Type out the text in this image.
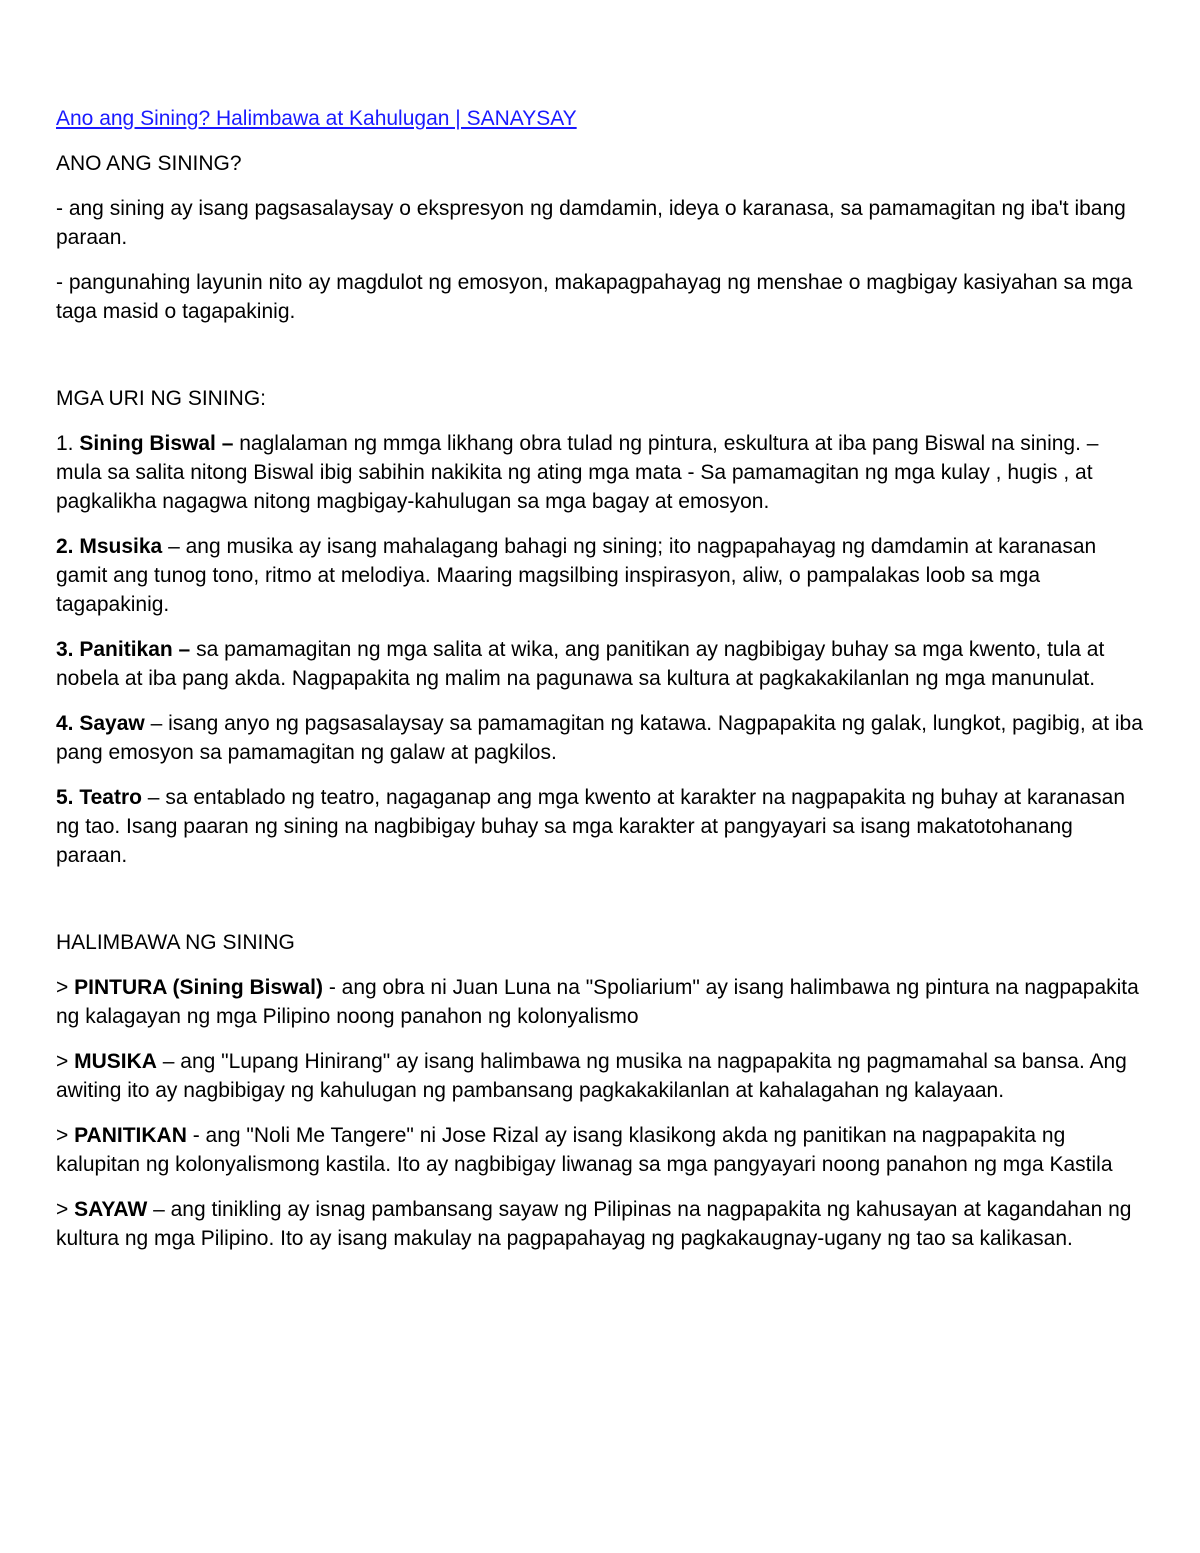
Ano ang Sining? Halimbawa at Kahulugan | SANAYSAY

ANO ANG SINING?

- ang sining ay isang pagsasalaysay o ekspresyon ng damdamin, ideya o karanasa, sa pamamagitan ng iba't ibang paraan.

- pangunahing layunin nito ay magdulot ng emosyon, makapagpahayag ng menshae o magbigay kasiyahan sa mga taga masid o tagapakinig.

MGA URI NG SINING:

1. Sining Biswal – naglalaman ng mmga likhang obra tulad ng pintura, eskultura at iba pang Biswal na sining. – mula sa salita nitong Biswal ibig sabihin nakikita ng ating mga mata - Sa pamamagitan ng mga kulay , hugis , at pagkalikha nagagwa nitong magbigay-kahulugan sa mga bagay at emosyon.

2. Msusika – ang musika ay isang mahalagang bahagi ng sining; ito nagpapahayag ng damdamin at karanasan gamit ang tunog tono, ritmo at melodiya. Maaring magsilbing inspirasyon, aliw, o pampalakas loob sa mga tagapakinig.

3. Panitikan – sa pamamagitan ng mga salita at wika, ang panitikan ay nagbibigay buhay sa mga kwento, tula at nobela at iba pang akda. Nagpapakita ng malim na pagunawa sa kultura at pagkakakilanlan ng mga manunulat.

4. Sayaw – isang anyo ng pagsasalaysay sa pamamagitan ng katawa. Nagpapakita ng galak, lungkot, pagibig, at iba pang emosyon sa pamamagitan ng galaw at pagkilos.

5. Teatro – sa entablado ng teatro, nagaganap ang mga kwento at karakter na nagpapakita ng buhay at karanasan ng tao. Isang paaran ng sining na nagbibigay buhay sa mga karakter at pangyayari sa isang makatotohanang paraan.

HALIMBAWA NG SINING

> PINTURA (Sining Biswal) - ang obra ni Juan Luna na "Spoliarium" ay isang halimbawa ng pintura na nagpapakita ng kalagayan ng mga Pilipino noong panahon ng kolonyalismo

> MUSIKA – ang "Lupang Hinirang" ay isang halimbawa ng musika na nagpapakita ng pagmamahal sa bansa. Ang awiting ito ay nagbibigay ng kahulugan ng pambansang pagkakakilanlan at kahalagahan ng kalayaan.

> PANITIKAN - ang "Noli Me Tangere" ni Jose Rizal ay isang klasikong akda ng panitikan na nagpapakita ng kalupitan ng kolonyalismong kastila. Ito ay nagbibigay liwanag sa mga pangyayari noong panahon ng mga Kastila

> SAYAW – ang tinikling ay isnag pambansang sayaw ng Pilipinas na nagpapakita ng kahusayan at kagandahan ng kultura ng mga Pilipino. Ito ay isang makulay na pagpapahayag ng pagkakaugnay-ugany ng tao sa kalikasan.
